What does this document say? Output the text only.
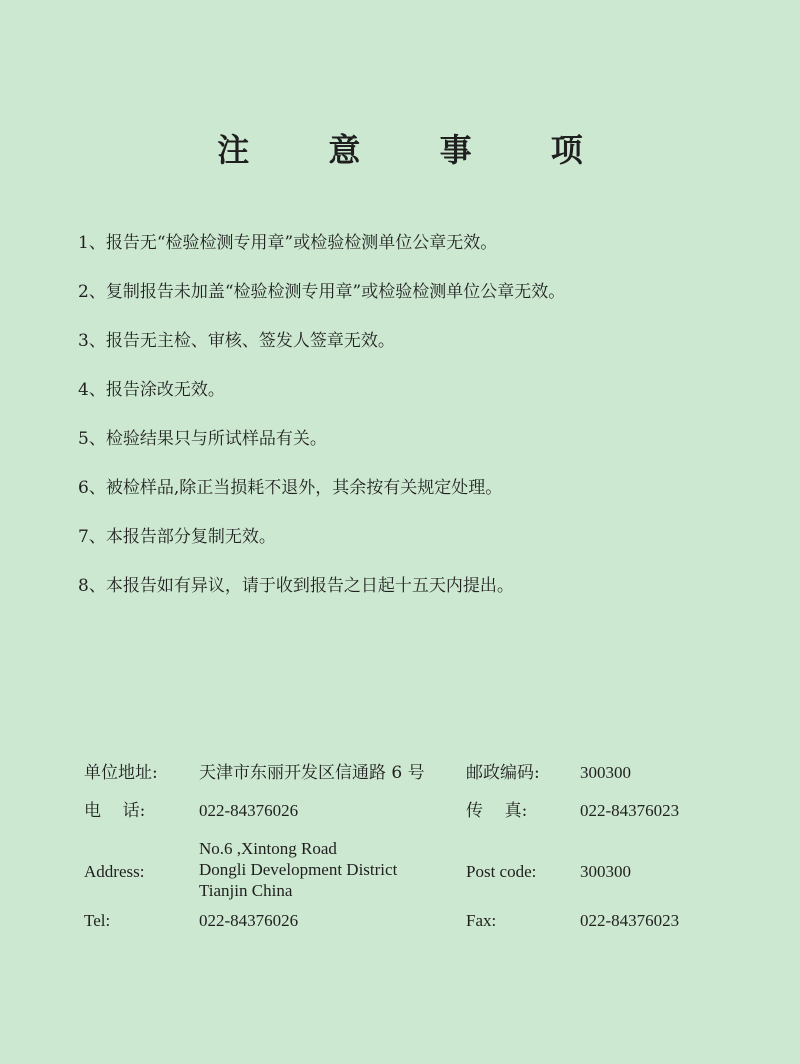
注 意 事 项
1、 报告无“检验检测专用章”或检验检测单位公章无效。
2、 复制报告未加盖“检验检测专用章”或检验检测单位公章无效。
3、 报告无主检、审核、签发人签章无效。
4、 报告涂改无效。
5、 检验结果只与所试样品有关。
6、 被检样品,除正当损耗不退外，其余按有关规定处理。
7、 本报告部分复制无效。
8、 本报告如有异议，请于收到报告之日起十五天内提出。
单位地址: 天津市东丽开发区信通路 6 号 邮政编码: 300300
电    话:	022-84376026	传    真:	022-84376023
Address:
No.6 ,Xintong Road
Dongli Development District
Tianjin China
Post code:	300300
Tel:	022-84376026	Fax:	022-84376023
